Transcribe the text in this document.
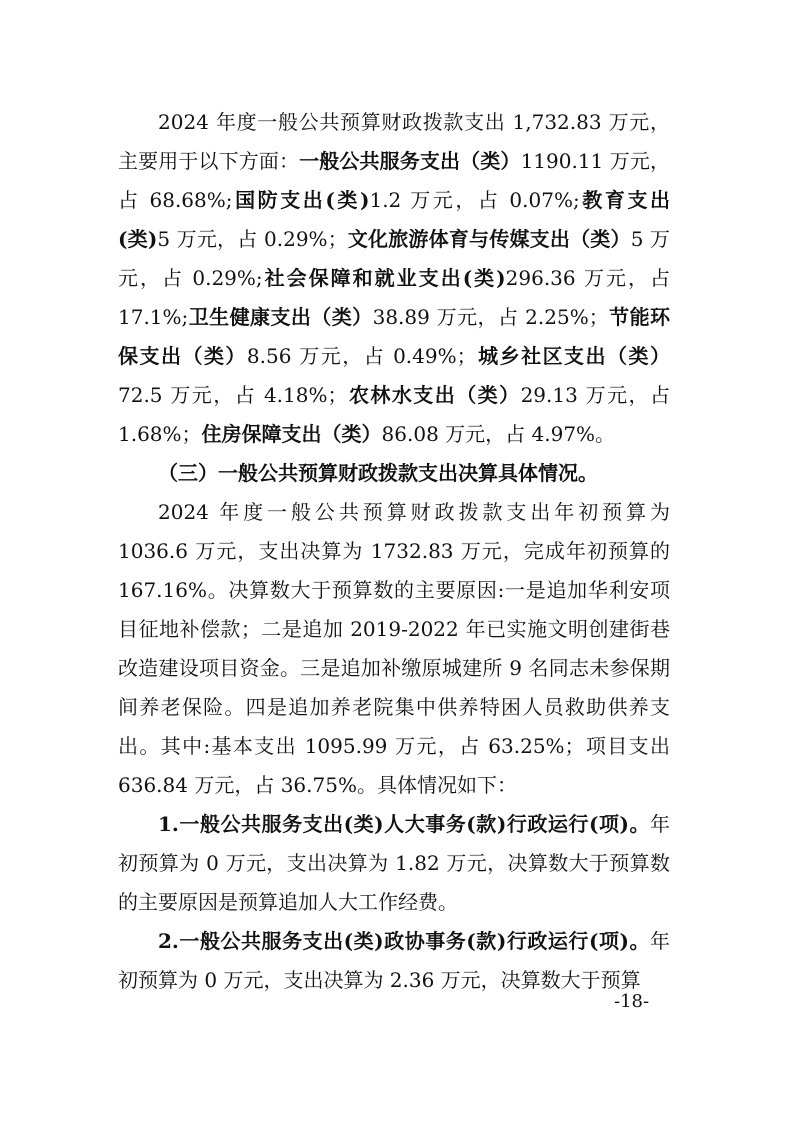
2024 年度一般公共预算财政拨款支出 1,732.83 万元，主要用于以下方面：一般公共服务支出（类）1190.11 万元，占 68.68%;国防支出(类)1.2 万元，占 0.07%;教育支出(类)5 万元，占 0.29%；文化旅游体育与传媒支出（类）5 万元，占 0.29%;社会保障和就业支出(类)296.36 万元，占 17.1%;卫生健康支出（类）38.89 万元，占 2.25%；节能环保支出（类）8.56 万元，占 0.49%；城乡社区支出（类）72.5 万元，占 4.18%；农林水支出（类）29.13 万元，占 1.68%；住房保障支出（类）86.08 万元，占 4.97%。

（三）一般公共预算财政拨款支出决算具体情况。

2024 年度一般公共预算财政拨款支出年初预算为 1036.6 万元，支出决算为 1732.83 万元，完成年初预算的 167.16%。决算数大于预算数的主要原因:一是追加华利安项目征地补偿款；二是追加 2019-2022 年已实施文明创建街巷改造建设项目资金。三是追加补缴原城建所 9 名同志未参保期间养老保险。四是追加养老院集中供养特困人员救助供养支出。其中:基本支出 1095.99 万元，占 63.25%；项目支出 636.84 万元，占 36.75%。具体情况如下：

1.一般公共服务支出(类)人大事务(款)行政运行(项)。年初预算为 0 万元，支出决算为 1.82 万元，决算数大于预算数的主要原因是预算追加人大工作经费。

2.一般公共服务支出(类)政协事务(款)行政运行(项)。年初预算为 0 万元，支出决算为 2.36 万元，决算数大于预算

-18-
